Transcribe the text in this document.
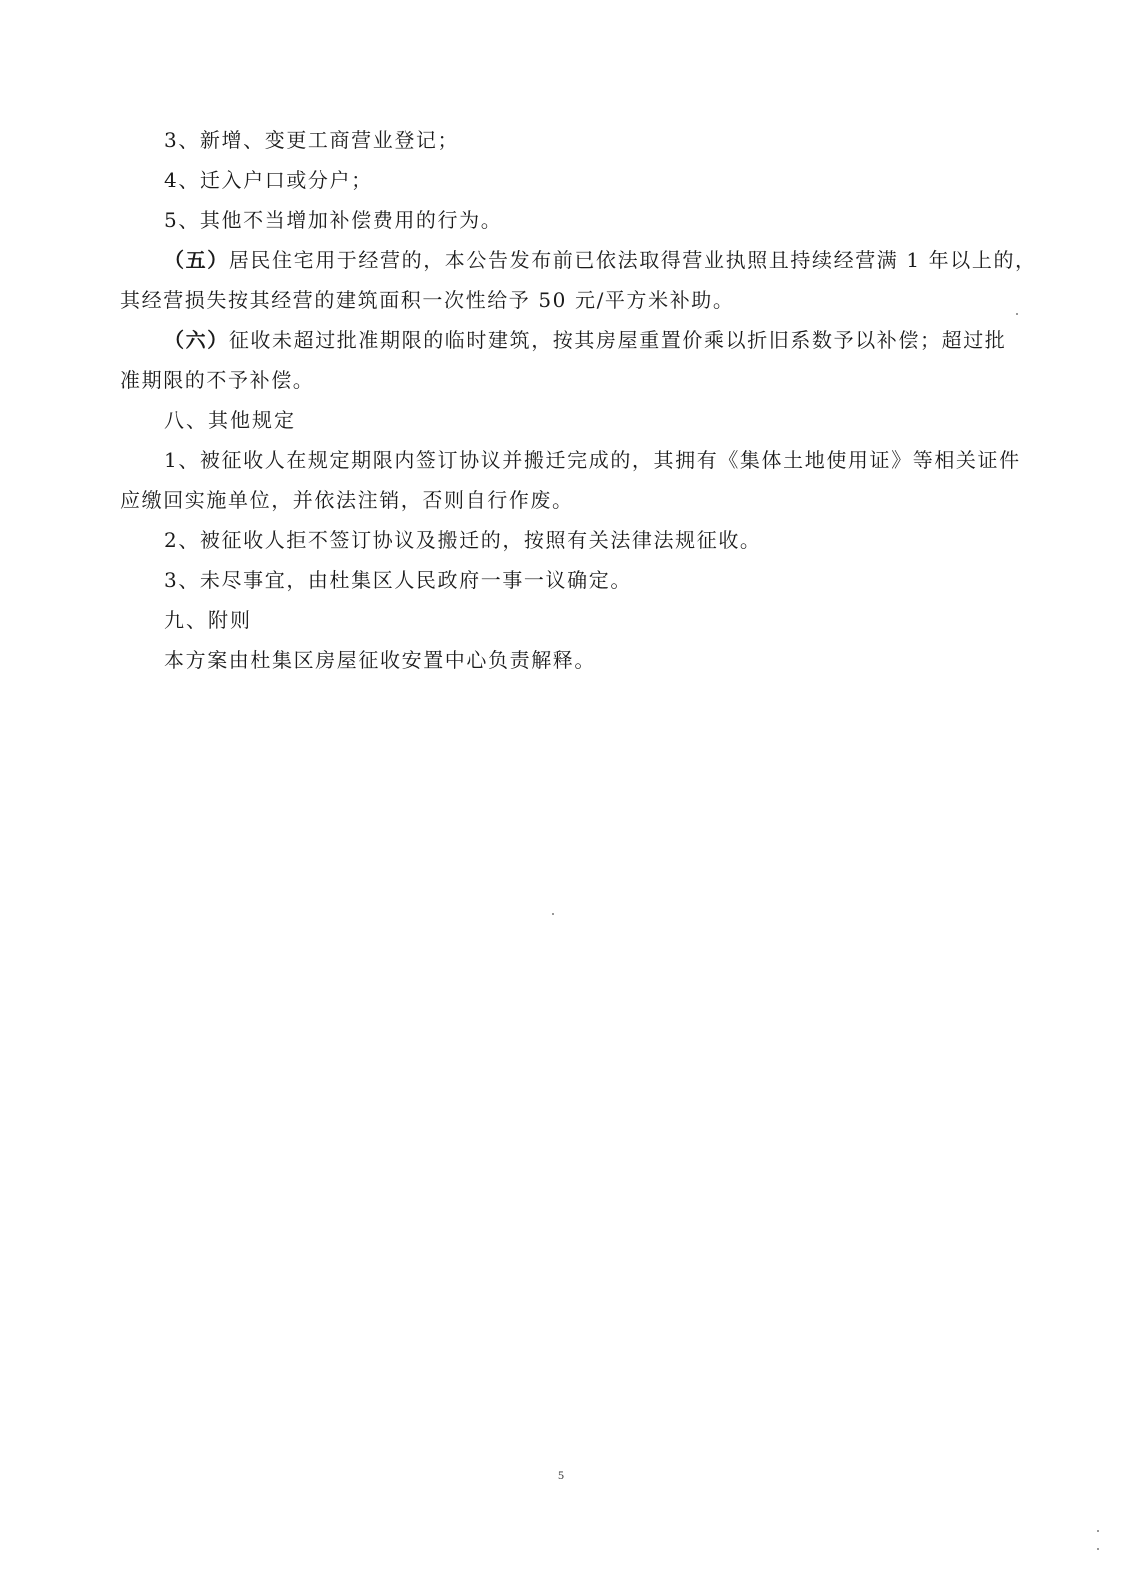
3、新增、变更工商营业登记；
4、迁入户口或分户；
5、其他不当增加补偿费用的行为。
（五）居民住宅用于经营的，本公告发布前已依法取得营业执照且持续经营满 1 年以上的，
其经营损失按其经营的建筑面积一次性给予 50 元/平方米补助。
（六）征收未超过批准期限的临时建筑，按其房屋重置价乘以折旧系数予以补偿；超过批
准期限的不予补偿。
八、其他规定
1、被征收人在规定期限内签订协议并搬迁完成的，其拥有《集体土地使用证》等相关证件
应缴回实施单位，并依法注销，否则自行作废。
2、被征收人拒不签订协议及搬迁的，按照有关法律法规征收。
3、未尽事宜，由杜集区人民政府一事一议确定。
九、附则
本方案由杜集区房屋征收安置中心负责解释。
5
